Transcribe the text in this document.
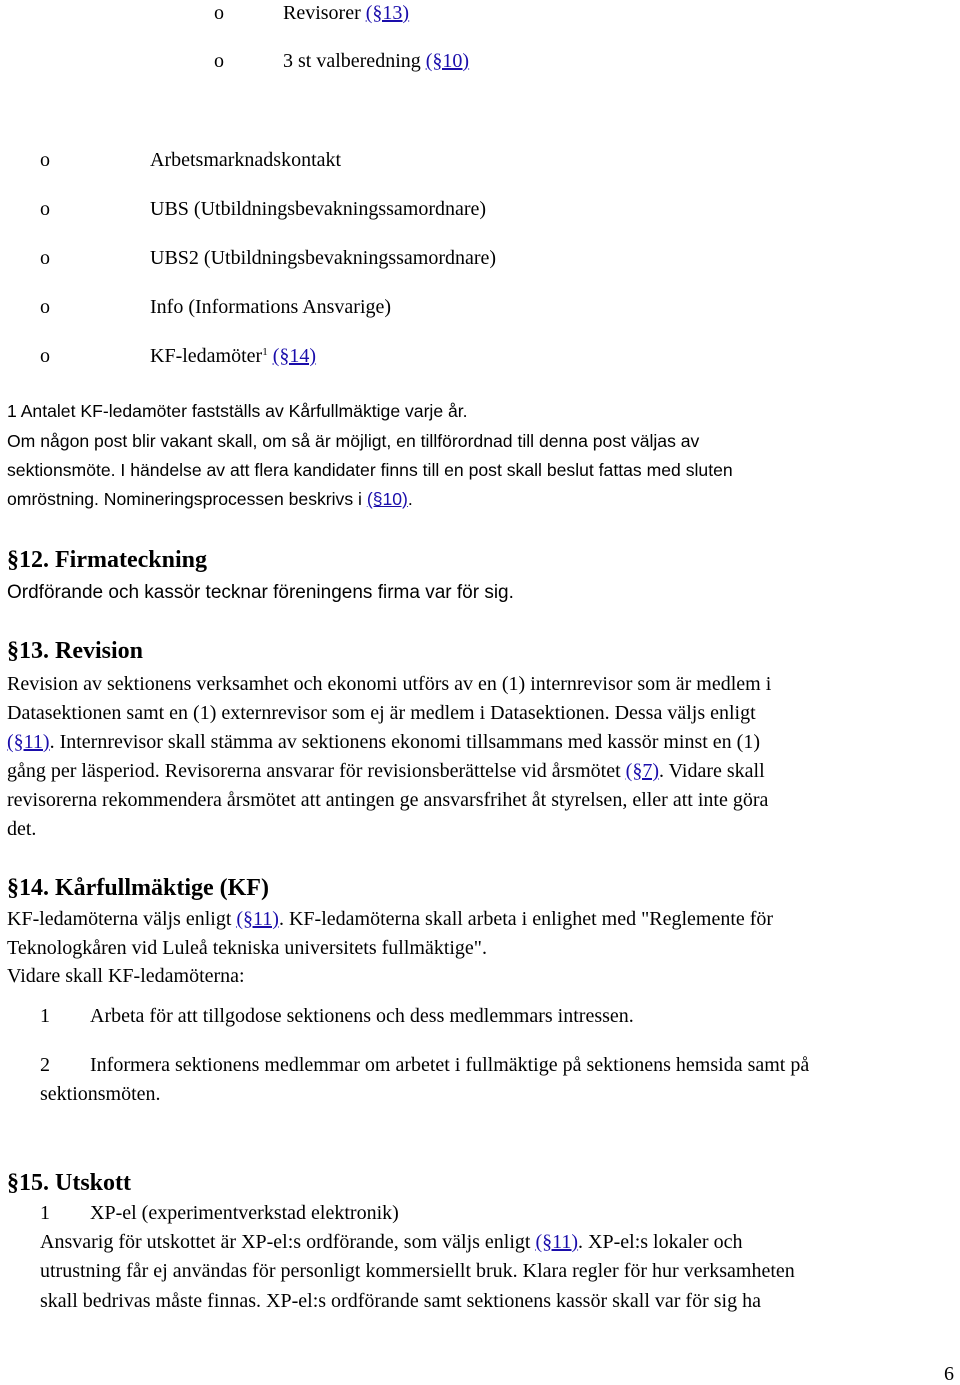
o	Revisorer (§13)
o	3 st valberedning (§10)
o	Arbetsmarknadskontakt
o	UBS (Utbildningsbevakningssamordnare)
o	UBS2 (Utbildningsbevakningssamordnare)
o	Info (Informations Ansvarige)
o	KF-ledamöter$^1$ (§14)
1 Antalet KF-ledamöter fastställs av Kårfullmäktige varje år.
Om någon post blir vakant skall, om så är möjligt, en tillförordnad till denna post väljas av
sektionsmöte. I händelse av att flera kandidater finns till en post skall beslut fattas med sluten
omröstning. Nomineringsprocessen beskrivs i (§10).
§12. Firmateckning
Ordförande och kassör tecknar föreningens firma var för sig.
§13. Revision
Revision av sektionens verksamhet och ekonomi utförs av en (1) internrevisor som är medlem i
Datasektionen samt en (1) externrevisor som ej är medlem i Datasektionen. Dessa väljs enligt
(§11). Internrevisor skall stämma av sektionens ekonomi tillsammans med kassör minst en (1)
gång per läsperiod. Revisorerna ansvarar för revisionsberättelse vid årsmötet (§7). Vidare skall
revisorerna rekommendera årsmötet att antingen ge ansvarsfrihet åt styrelsen, eller att inte göra
det.
§14. Kårfullmäktige (KF)
KF-ledamöterna väljs enligt (§11). KF-ledamöterna skall arbeta i enlighet med "Reglemente för
Teknologkåren vid Luleå tekniska universitets fullmäktige".
Vidare skall KF-ledamöterna:
1 Arbeta för att tillgodose sektionens och dess medlemmars intressen.
2 Informera sektionens medlemmar om arbetet i fullmäktige på sektionens hemsida samt på
sektionsmöten.
§15. Utskott
1 XP-el (experimentverkstad elektronik)
Ansvarig för utskottet är XP-el:s ordförande, som väljs enligt (§11). XP-el:s lokaler och
utrustning får ej användas för personligt kommersiellt bruk. Klara regler för hur verksamheten
skall bedrivas måste finnas. XP-el:s ordförande samt sektionens kassör skall var för sig ha
6
